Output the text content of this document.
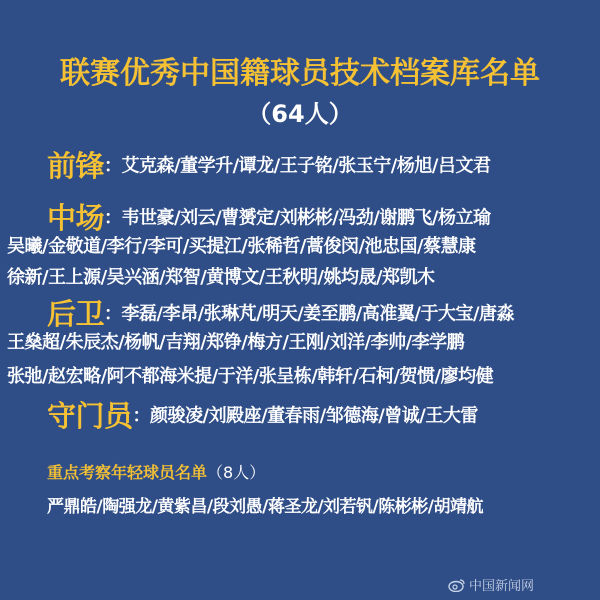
联赛优秀中国籍球员技术档案库名单
（64人）
前锋：艾克森/董学升/谭龙/王子铭/张玉宁/杨旭/吕文君
中场：韦世豪/刘云/曹赟定/刘彬彬/冯劲/谢鹏飞/杨立瑜
吴曦/金敬道/李行/李可/买提江/张稀哲/蒿俊闵/池忠国/蔡慧康
徐新/王上源/吴兴涵/郑智/黄博文/王秋明/姚均晟/郑凯木
后卫：李磊/李昂/张琳芃/明天/姜至鹏/高准翼/于大宝/唐淼
王燊超/朱辰杰/杨帆/吉翔/郑铮/梅方/王刚/刘洋/李帅/李学鹏
张弛/赵宏略/阿不都海米提/于洋/张呈栋/韩轩/石柯/贺惯/廖均健
守门员：颜骏凌/刘殿座/董春雨/邹德海/曾诚/王大雷
重点考察年轻球员名单（8人）
严鼎皓/陶强龙/黄紫昌/段刘愚/蒋圣龙/刘若钒/陈彬彬/胡靖航
中国新闻网
